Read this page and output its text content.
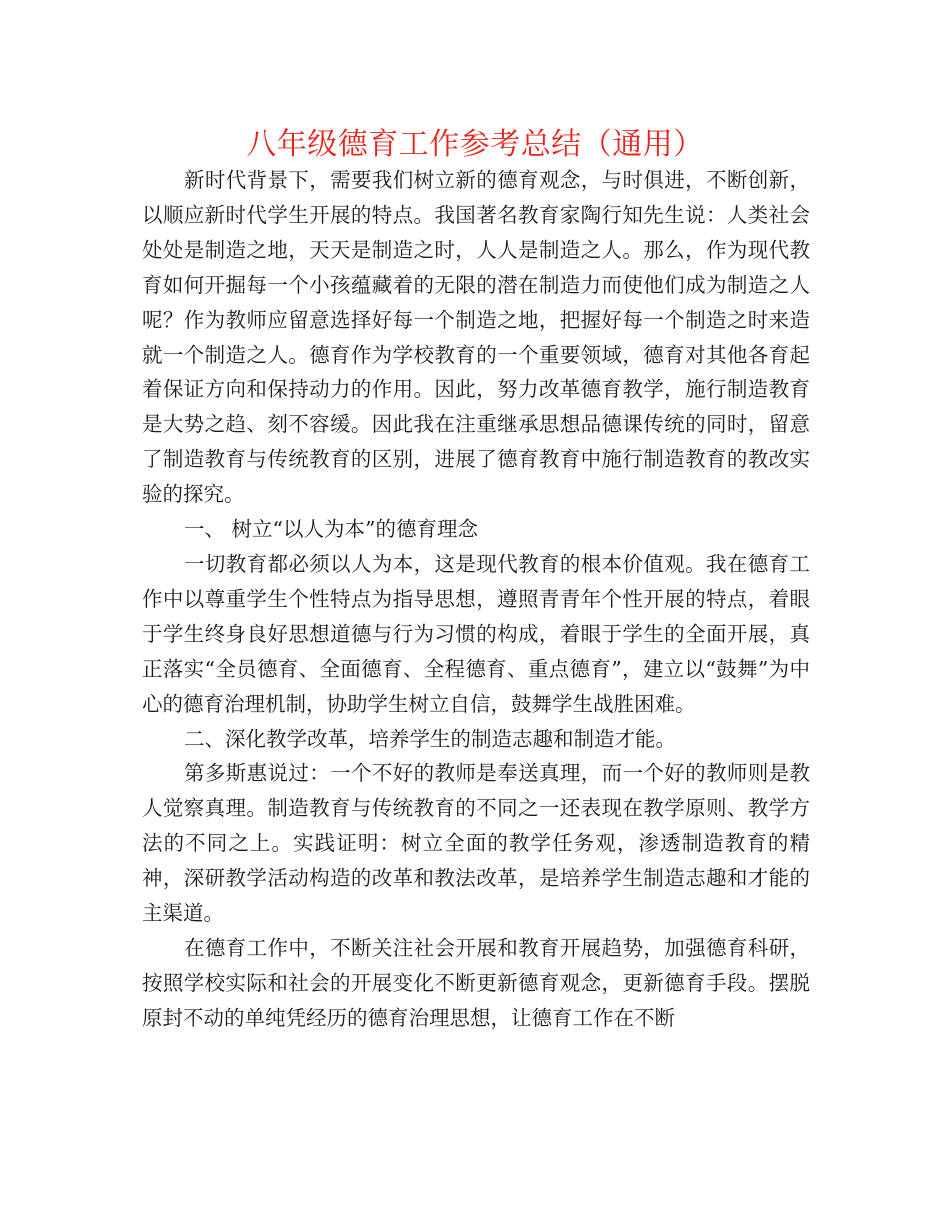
八年级德育工作参考总结（通用）

新时代背景下，需要我们树立新的德育观念，与时俱进，不断创新，以顺应新时代学生开展的特点。我国著名教育家陶行知先生说：人类社会处处是制造之地，天天是制造之时，人人是制造之人。那么，作为现代教育如何开掘每一个小孩蕴藏着的无限的潜在制造力而使他们成为制造之人呢？作为教师应留意选择好每一个制造之地，把握好每一个制造之时来造就一个制造之人。德育作为学校教育的一个重要领域，德育对其他各育起着保证方向和保持动力的作用。因此，努力改革德育教学，施行制造教育是大势之趋、刻不容缓。因此我在注重继承思想品德课传统的同时，留意了制造教育与传统教育的区别，进展了德育教育中施行制造教育的教改实验的探究。

一、 树立“以人为本”的德育理念

一切教育都必须以人为本，这是现代教育的根本价值观。我在德育工作中以尊重学生个性特点为指导思想，遵照青青年个性开展的特点，着眼于学生终身良好思想道德与行为习惯的构成，着眼于学生的全面开展，真正落实“全员德育、全面德育、全程德育、重点德育”，建立以“鼓舞”为中心的德育治理机制，协助学生树立自信，鼓舞学生战胜困难。

二、深化教学改革，培养学生的制造志趣和制造才能。

第多斯惠说过：一个不好的教师是奉送真理，而一个好的教师则是教人觉察真理。制造教育与传统教育的不同之一还表现在教学原则、教学方法的不同之上。实践证明：树立全面的教学任务观，渗透制造教育的精神，深研教学活动构造的改革和教法改革，是培养学生制造志趣和才能的主渠道。

在德育工作中，不断关注社会开展和教育开展趋势，加强德育科研，按照学校实际和社会的开展变化不断更新德育观念，更新德育手段。摆脱原封不动的单纯凭经历的德育治理思想，让德育工作在不断
